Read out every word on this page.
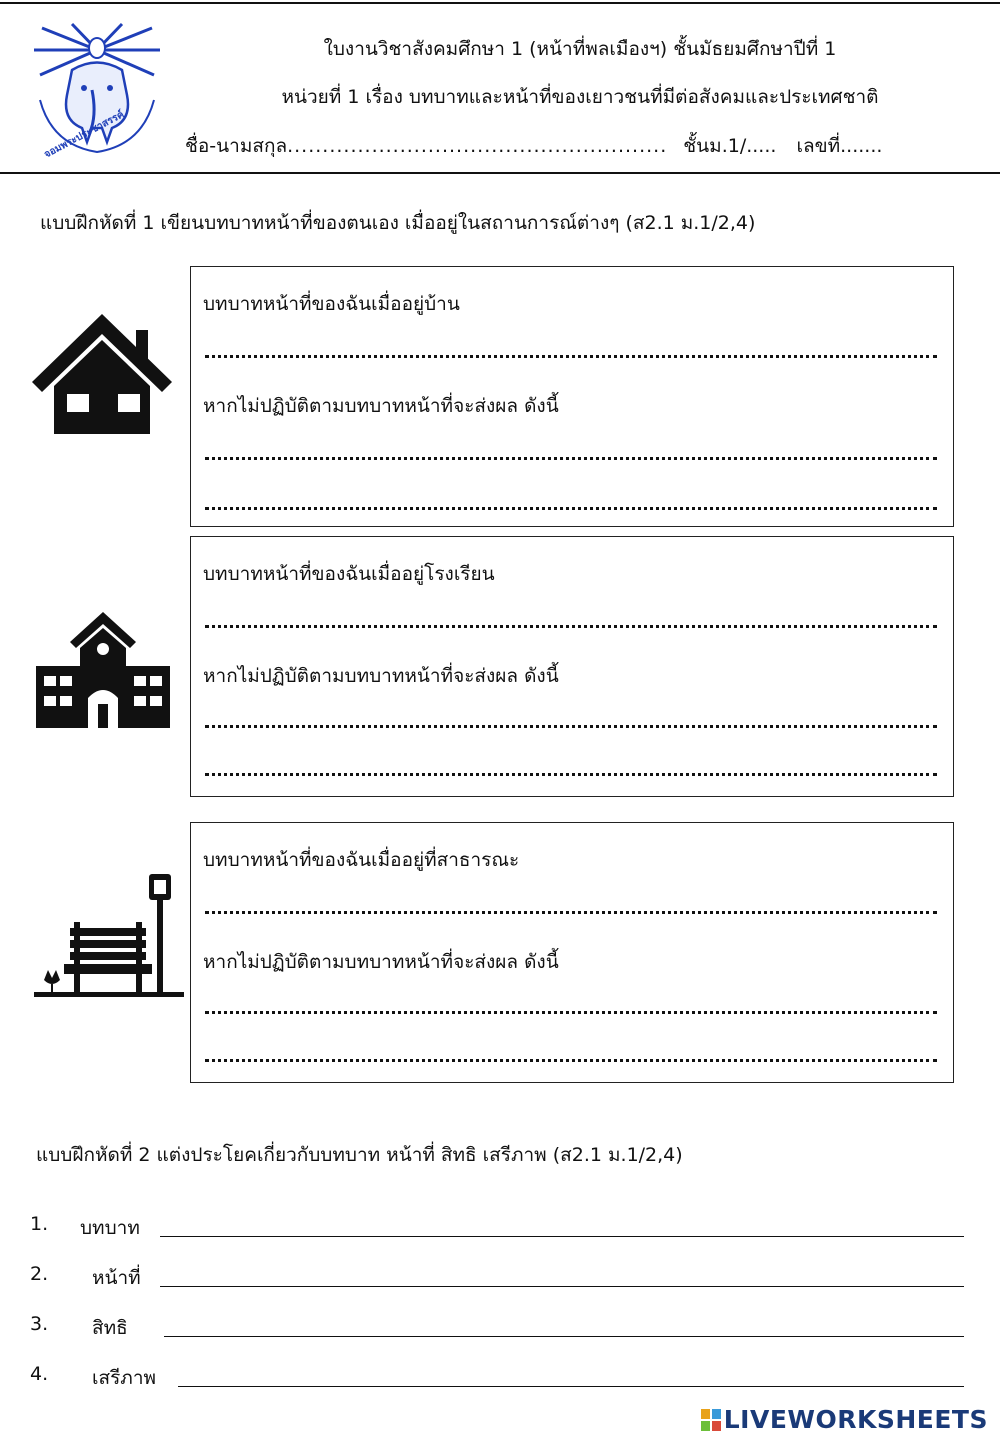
จอมพระประชาสรรค์
ใบงานวิชาสังคมศึกษา 1 (หน้าที่พลเมืองฯ) ชั้นมัธยมศึกษาปีที่ 1
หน่วยที่ 1 เรื่อง บทบาทและหน้าที่ของเยาวชนที่มีต่อสังคมและประเทศชาติ
ชื่อ-นามสกุล...................................................... ชั้นม.1/..... เลขที่.......
แบบฝึกหัดที่ 1 เขียนบทบาทหน้าที่ของตนเอง เมื่ออยู่ในสถานการณ์ต่างๆ (ส2.1 ม.1/2,4)
บทบาทหน้าที่ของฉันเมื่ออยู่บ้าน
หากไม่ปฏิบัติตามบทบาทหน้าที่จะส่งผล ดังนี้
บทบาทหน้าที่ของฉันเมื่ออยู่โรงเรียน
หากไม่ปฏิบัติตามบทบาทหน้าที่จะส่งผล ดังนี้
บทบาทหน้าที่ของฉันเมื่ออยู่ที่สาธารณะ
หากไม่ปฏิบัติตามบทบาทหน้าที่จะส่งผล ดังนี้
แบบฝึกหัดที่ 2 แต่งประโยคเกี่ยวกับบทบาท หน้าที่ สิทธิ เสรีภาพ (ส2.1 ม.1/2,4)
1. บทบาท
2. หน้าที่
3. สิทธิ
4. เสรีภาพ
LIVEWORKSHEETS
